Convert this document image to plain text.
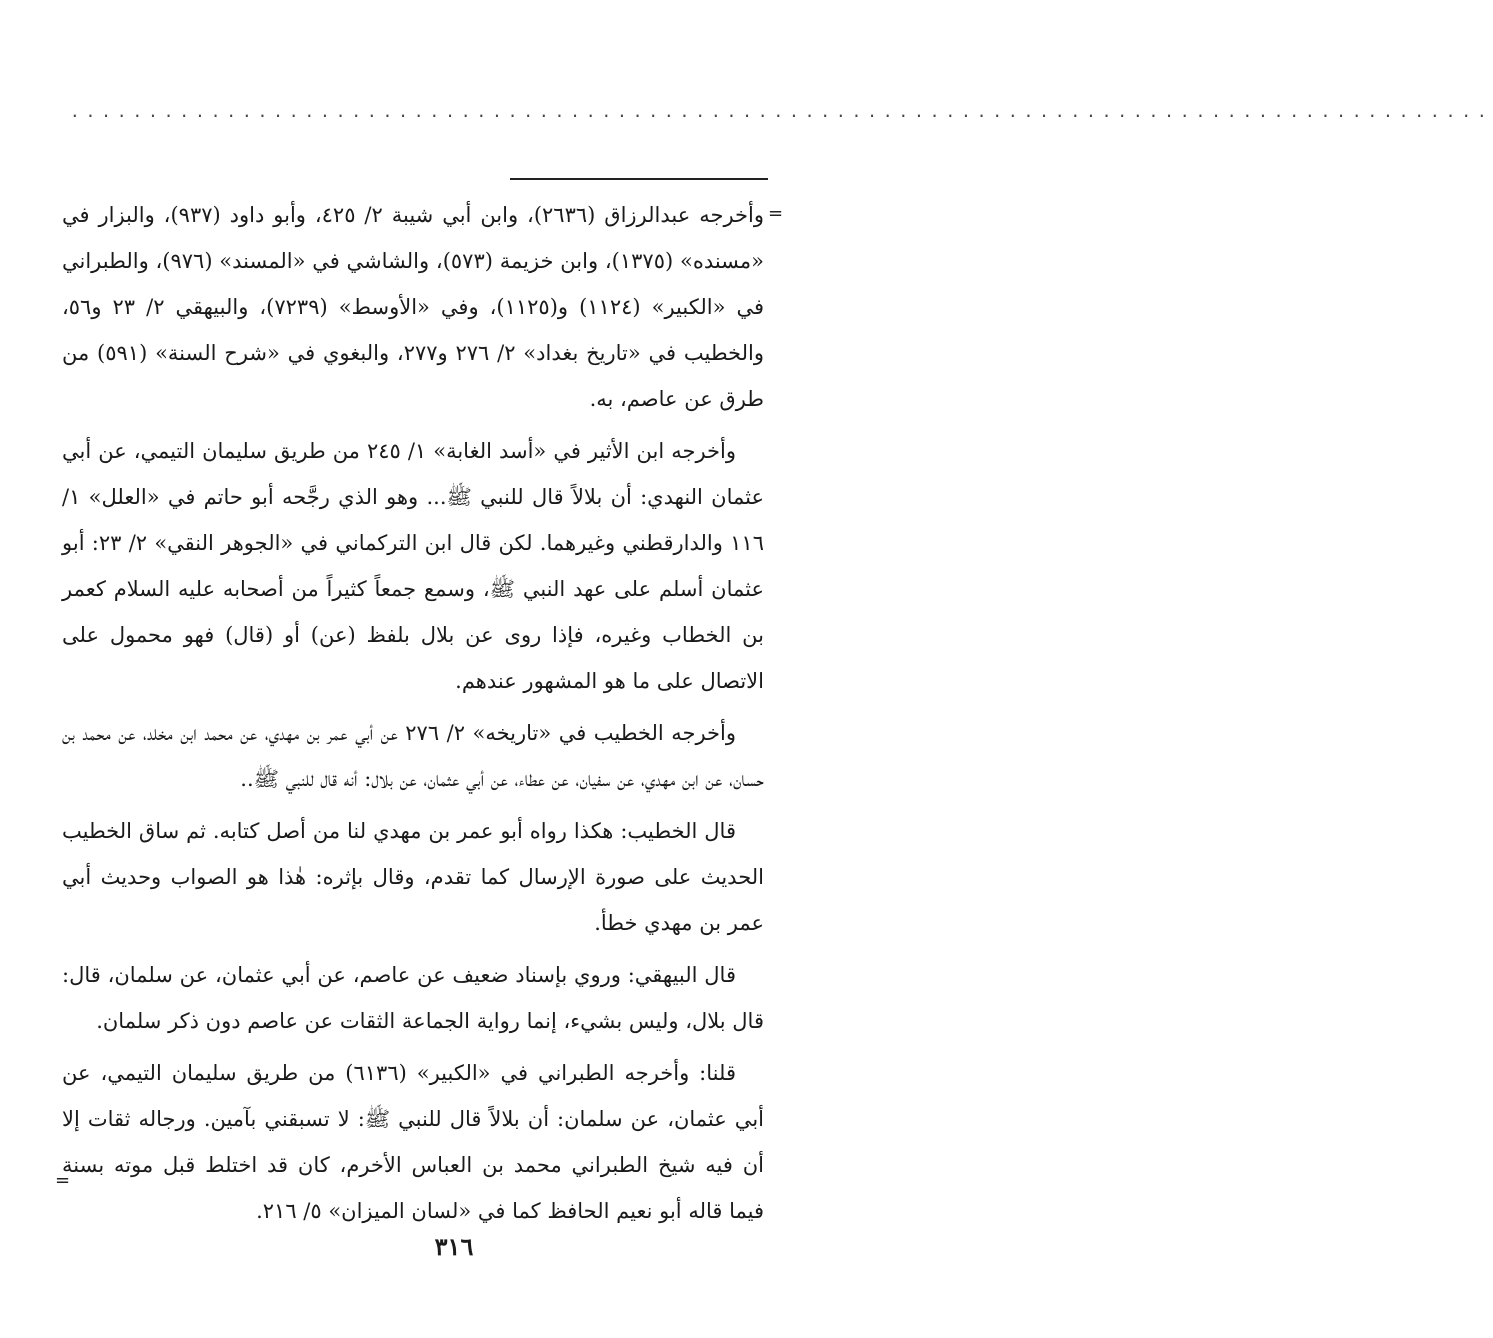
...........................................................................................
=

وأخرجه عبدالرزاق (٢٦٣٦)، وابن أبي شيبة ٢/ ٤٢٥، وأبو داود (٩٣٧)، والبزار في «مسنده» (١٣٧٥)، وابن خزيمة (٥٧٣)، والشاشي في «المسند» (٩٧٦)، والطبراني في «الكبير» (١١٢٤) و(١١٢٥)، وفي «الأوسط» (٧٢٣٩)، والبيهقي ٢/ ٢٣ و٥٦، والخطيب في «تاريخ بغداد» ٢/ ٢٧٦ و٢٧٧، والبغوي في «شرح السنة» (٥٩١) من طرق عن عاصم، به.

وأخرجه ابن الأثير في «أسد الغابة» ١/ ٢٤٥ من طريق سليمان التيمي، عن أبي عثمان النهدي: أن بلالاً قال للنبي ﷺ... وهو الذي رجَّحه أبو حاتم في «العلل» ١/ ١١٦ والدارقطني وغيرهما. لكن قال ابن التركماني في «الجوهر النقي» ٢/ ٢٣: أبو عثمان أسلم على عهد النبي ﷺ، وسمع جمعاً كثيراً من أصحابه عليه السلام كعمر بن الخطاب وغيره، فإذا روى عن بلال بلفظ (عن) أو (قال) فهو محمول على الاتصال على ما هو المشهور عندهم.

وأخرجه الخطيب في «تاريخه» ٢/ ٢٧٦ عن أبي عمر بن مهدي، عن محمد ابن مخلد، عن محمد بن حسان، عن ابن مهدي، عن سفيان، عن عطاء، عن أبي عثمان، عن بلال: أنه قال للنبي ﷺ..

قال الخطيب: هكذا رواه أبو عمر بن مهدي لنا من أصل كتابه. ثم ساق الخطيب الحديث على صورة الإرسال كما تقدم، وقال بإثره: هٰذا هو الصواب وحديث أبي عمر بن مهدي خطأ.

قال البيهقي: وروي بإسناد ضعيف عن عاصم، عن أبي عثمان، عن سلمان، قال: قال بلال، وليس بشيء، إنما رواية الجماعة الثقات عن عاصم دون ذكر سلمان.

قلنا: وأخرجه الطبراني في «الكبير» (٦١٣٦) من طريق سليمان التيمي، عن أبي عثمان، عن سلمان: أن بلالاً قال للنبي ﷺ: لا تسبقني بآمين. ورجاله ثقات إلا أن فيه شيخ الطبراني محمد بن العباس الأخرم، كان قد اختلط قبل موته بسنة فيما قاله أبو نعيم الحافظ كما في «لسان الميزان» ٥/ ٢١٦.

=
٣١٦
